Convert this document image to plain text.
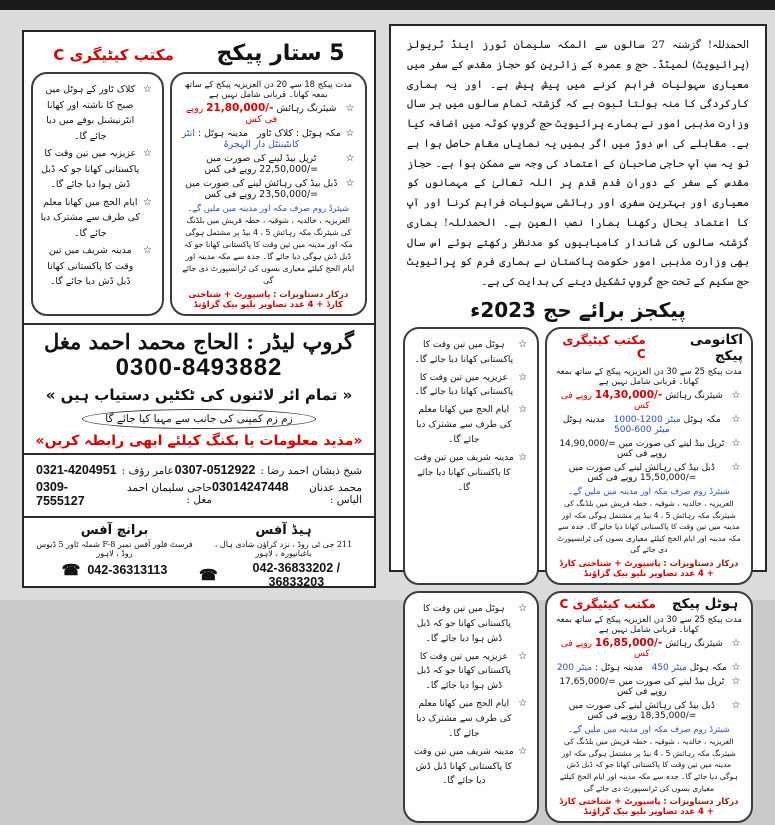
5 ستار پیکج
مکتب کیٹیگری C
مدت پیکج 18 سے 20 دن العزیزیہ پیکج کے ساتھ بمعہ کھانا۔ قربانی شامل نہیں ہے
☆
شیئرنگ رہائش 21,80,000/- روپے فی کس
☆
مکہ ہوٹل : کلاک ٹاور   مدینہ ہوٹل : انٹر کانٹیننٹل دار الہجرۃ
☆
ٹرپل بیڈ لینے کی صورت میں =/22,50,000 روپے فی کس
☆
ڈبل بیڈ کی رہائش لینے کی صورت میں =/23,50,000 روپے فی کس
شیئرڈ روم صرف مکہ اور مدینہ میں ملیں گے۔
العزیزیہ ، خالدیہ ، شوقیہ ، خطہ قریش میں بلڈنگ کی شیئرنگ مکہ رہائش 5 ، 4 بیڈ پر مشتمل ہوگی مکہ اور مدینہ میں تین وقت کا پاکستانی کھانا جو کہ ڈبل ڈش ہوگی دیا جائے گا۔ جدہ سے مکہ مدینہ اور ایام الحج کیلئے معیاری بسوں کی ٹرانسپورٹ دی جائے گی
درکار دستاویزات : پاسپورٹ + شناختی کارڈ + 4 عدد تصاویر بلیو بیک گراؤنڈ
☆
کلاک ٹاور کے ہوٹل میں صبح کا ناشتہ اور کھانا انٹرنیشنل بوفے میں دیا جائے گا۔
☆
عزیزیہ میں تین وقت کا پاکستانی کھانا جو کہ ڈبل ڈش ہوا دیا جائے گا۔
☆
ایام الحج میں کھانا معلم کی طرف سے مشترک دیا جائے گا۔
☆
مدینہ شریف میں تین وقت کا پاکستانی کھانا ڈبل ڈش دیا جائے گا۔
گروپ لیڈر : الحاج محمد احمد مغل
0300-8493882
« تمام ائر لائنوں کی ٹکٹیں دستیاب ہیں »
زم زم کمپنی کی جانب سے مہیا کیا جائے گا
«مذید معلومات یا بکنگ کیلئے ابھی رابطہ کریں»
شیخ ذیشان احمد رضا :
0307-0512922
عامر رؤف :
0321-4204951
محمد عدنان الیاس :
03014247448
حاجی سلیمان احمد مغل :
0309-7555127
ہیڈ آفس
211 جی ٹی روڈ ، نزد کراؤن شادی ہال ، باغبانپورہ ، لاہور
☎	042-36833202 / 36833203
برانچ آفس
فرسٹ فلور آفس نمبر F-8 شملہ ٹاور 5 ڈیوس روڈ ، لاہور
☎ 042-36313113
الحمدللہ! گزشتہ 27 سالوں سے المکہ سلیمان ٹورز اینڈ ٹریولز (پرائیویٹ) لمیٹڈ۔ حج و عمرہ کے زائرین کو حجاز مقدس کے سفر میں معیاری سہولیات فراہم کرنے میں پیش پیش ہے۔ اور یہ ہماری کارکردگی کا منہ بولتا ثبوت ہے کہ گزشتہ تمام سالوں میں ہر سال وزارت مذہبی امور نے ہمارے پرائیویٹ حج گروپ کوٹہ میں اضافہ کیا ہے۔ مقابلے کی اس دوڑ میں اگر ہمیں یہ نمایاں مقام حاصل ہوا ہے تو یہ سب آپ حاجی صاحبان کے اعتماد کی وجہ سے ممکن ہوا ہے۔ حجاز مقدس کے سفر کے دوران قدم قدم پر اللہ تعالیٰ کے مہمانوں کو معیاری اور بہترین سفری اور رہائشی سہولیات فراہم کرنا اور آپ کا اعتماد بحال رکھنا ہمارا نصب العین ہے۔ الحمدللہ! ہماری گزشتہ سالوں کی شاندار کامیابیوں کو مدنظر رکھتے ہوئے اس سال بھی وزارت مذہبی امور حکومت پاکستان نے ہماری فرم کو پرائیویٹ حج سکیم کے تحت حج گروپ تشکیل دینے کی ہدایت کی ہے۔
پیکجز برائے حج 2023ء
اکانومی پیکج
مکتب کیٹیگری C
مدت پیکج 25 سے 30 دن العزیزیہ پیکج کے ساتھ بمعہ کھانا۔ قربانی شامل نہیں ہے
☆
شیئرنگ رہائش 14,30,000/- روپے فی کس
☆
مکہ ہوٹل 1000-1200 میٹر   مدینہ ہوٹل 500-600 میٹر
☆
ٹرپل بیڈ لینے کی صورت میں =/14,90,000 روپے فی کس
☆
ڈبل بیڈ کی رہائش لینے کی صورت میں =/15,50,000 روپے فی کس
شیئرڈ روم صرف مکہ اور مدینہ میں ملیں گے۔
العزیزیہ ، خالدیہ ، شوقیہ ، خطہ قریش میں بلڈنگ کی شیئرنگ مکہ رہائش 5 ، 4 بیڈ پر مشتمل ہوگی مکہ اور مدینہ میں تین وقت کا پاکستانی کھانا دیا جائے گا۔ جدہ سے مکہ مدینہ اور ایام الحج کیلئے معیاری بسوں کی ٹرانسپورٹ دی جائے گی
درکار دستاویزات : پاسپورٹ + شناختی کارڈ + 4 عدد تصاویر بلیو بیک گراؤنڈ
☆
ہوٹل میں تین وقت کا پاکستانی کھانا دیا جائے گا۔
☆
عزیزیہ میں تین وقت کا پاکستانی کھانا دیا جائے گا۔
☆
ایام الحج میں کھانا معلم کی طرف سے مشترک دیا جائے گا۔
☆
مدینہ شریف میں تین وقت کا پاکستانی کھانا دیا جائے گا۔
ہوٹل پیکج
مکتب کیٹیگری C
مدت پیکج 25 سے 30 دن العزیزیہ پیکج کے ساتھ بمعہ کھانا۔ قربانی شامل نہیں ہے
☆
شیئرنگ رہائش 16,85,000/- روپے فی کس
☆
مکہ ہوٹل 450 میٹر   مدینہ ہوٹل : 200 میٹر
☆
ٹرپل بیڈ لینے کی صورت میں =/17,65,000 روپے فی کس
☆
ڈبل بیڈ کی رہائش لینے کی صورت میں =/18,35,000 روپے فی کس
شیئرڈ روم صرف مکہ اور مدینہ میں ملیں گے۔
العزیزیہ ، خالدیہ ، شوقیہ ، خطہ قریش میں بلڈنگ کی شیئرنگ مکہ رہائش 5 ، 4 بیڈ پر مشتمل ہوگی مکہ اور مدینہ میں تین وقت کا پاکستانی کھانا جو کہ ڈبل ڈش ہوگی دیا جائے گا۔ جدہ سے مکہ مدینہ اور ایام الحج کیلئے معیاری بسوں کی ٹرانسپورٹ دی جائے گی
درکار دستاویزات : پاسپورٹ + شناختی کارڈ + 4 عدد تصاویر بلیو بیک گراؤنڈ
☆
ہوٹل میں تین وقت کا پاکستانی کھانا جو کہ ڈبل ڈش ہوا دیا جائے گا۔
☆
عزیزیہ میں تین وقت کا پاکستانی کھانا جو کہ ڈبل ڈش ہوا دیا جائے گا۔
☆
ایام الحج میں کھانا معلم کی طرف سے مشترک دیا جائے گا۔
☆
مدینہ شریف میں تین وقت کا پاکستانی کھانا ڈبل ڈش دیا جائے گا۔
